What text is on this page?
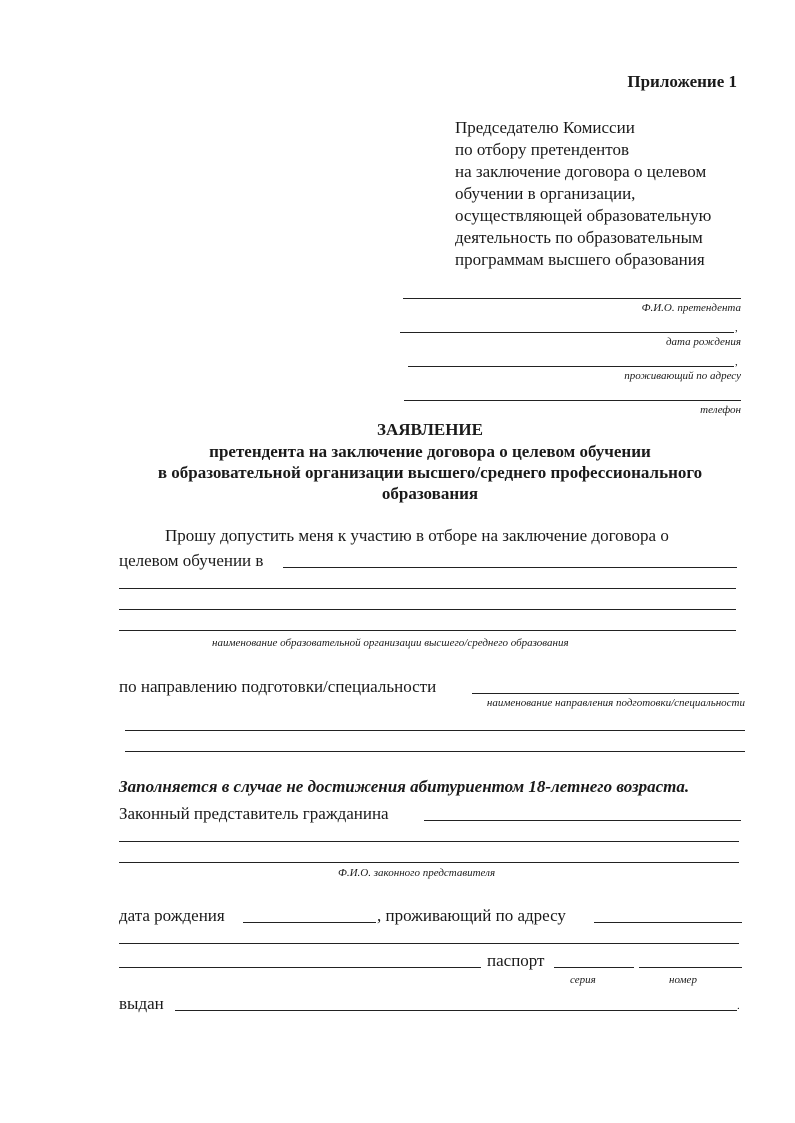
Приложение 1
Председателю Комиссии
по отбору претендентов
на заключение договора о целевом
обучении в организации,
осуществляющей образовательную
деятельность по образовательным
программам высшего образования
Ф.И.О. претендента
,
дата рождения
,
проживающий по адресу
телефон
ЗАЯВЛЕНИЕ
претендента на заключение договора о целевом обучении
в образовательной организации высшего/среднего профессионального
образования
Прошу допустить меня к участию в отборе на заключение договора о
целевом обучении в
наименование образовательной организации высшего/среднего образования
по направлению подготовки/специальности
наименование направления подготовки/специальности
Заполняется в случае не достижения абитуриентом 18-летнего возраста.
Законный представитель гражданина
Ф.И.О. законного представителя
дата рождения	, проживающий по адресу
паспорт
серия	номер
выдан	.
